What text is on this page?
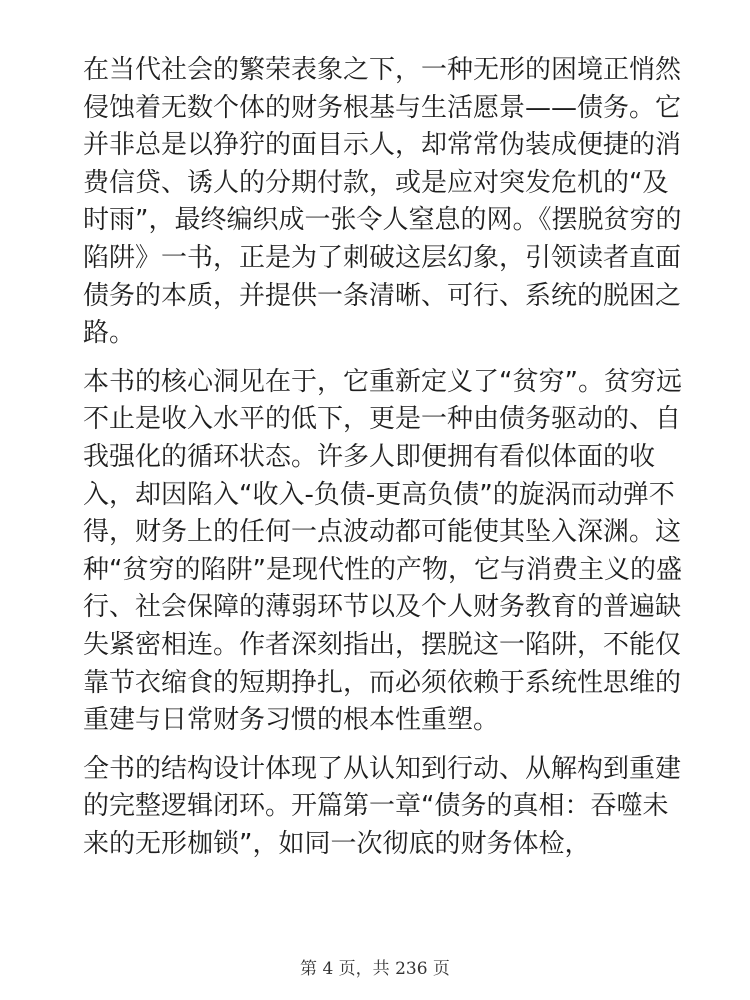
在当代社会的繁荣表象之下，一种无形的困境正悄然侵蚀着无数个体的财务根基与生活愿景——债务。它并非总是以狰狞的面目示人，却常常伪装成便捷的消费信贷、诱人的分期付款，或是应对突发危机的“及时雨”，最终编织成一张令人窒息的网。《摆脱贫穷的陷阱》一书，正是为了刺破这层幻象，引领读者直面债务的本质，并提供一条清晰、可行、系统的脱困之路。

本书的核心洞见在于，它重新定义了“贫穷”。贫穷远不止是收入水平的低下，更是一种由债务驱动的、自我强化的循环状态。许多人即便拥有看似体面的收入，却因陷入“收入-负债-更高负债”的旋涡而动弹不得，财务上的任何一点波动都可能使其坠入深渊。这种“贫穷的陷阱”是现代性的产物，它与消费主义的盛行、社会保障的薄弱环节以及个人财务教育的普遍缺失紧密相连。作者深刻指出，摆脱这一陷阱，不能仅靠节衣缩食的短期挣扎，而必须依赖于系统性思维的重建与日常财务习惯的根本性重塑。

全书的结构设计体现了从认知到行动、从解构到重建的完整逻辑闭环。开篇第一章“债务的真相：吞噬未来的无形枷锁”，如同一次彻底的财务体检，

第 4 页，共 236 页
